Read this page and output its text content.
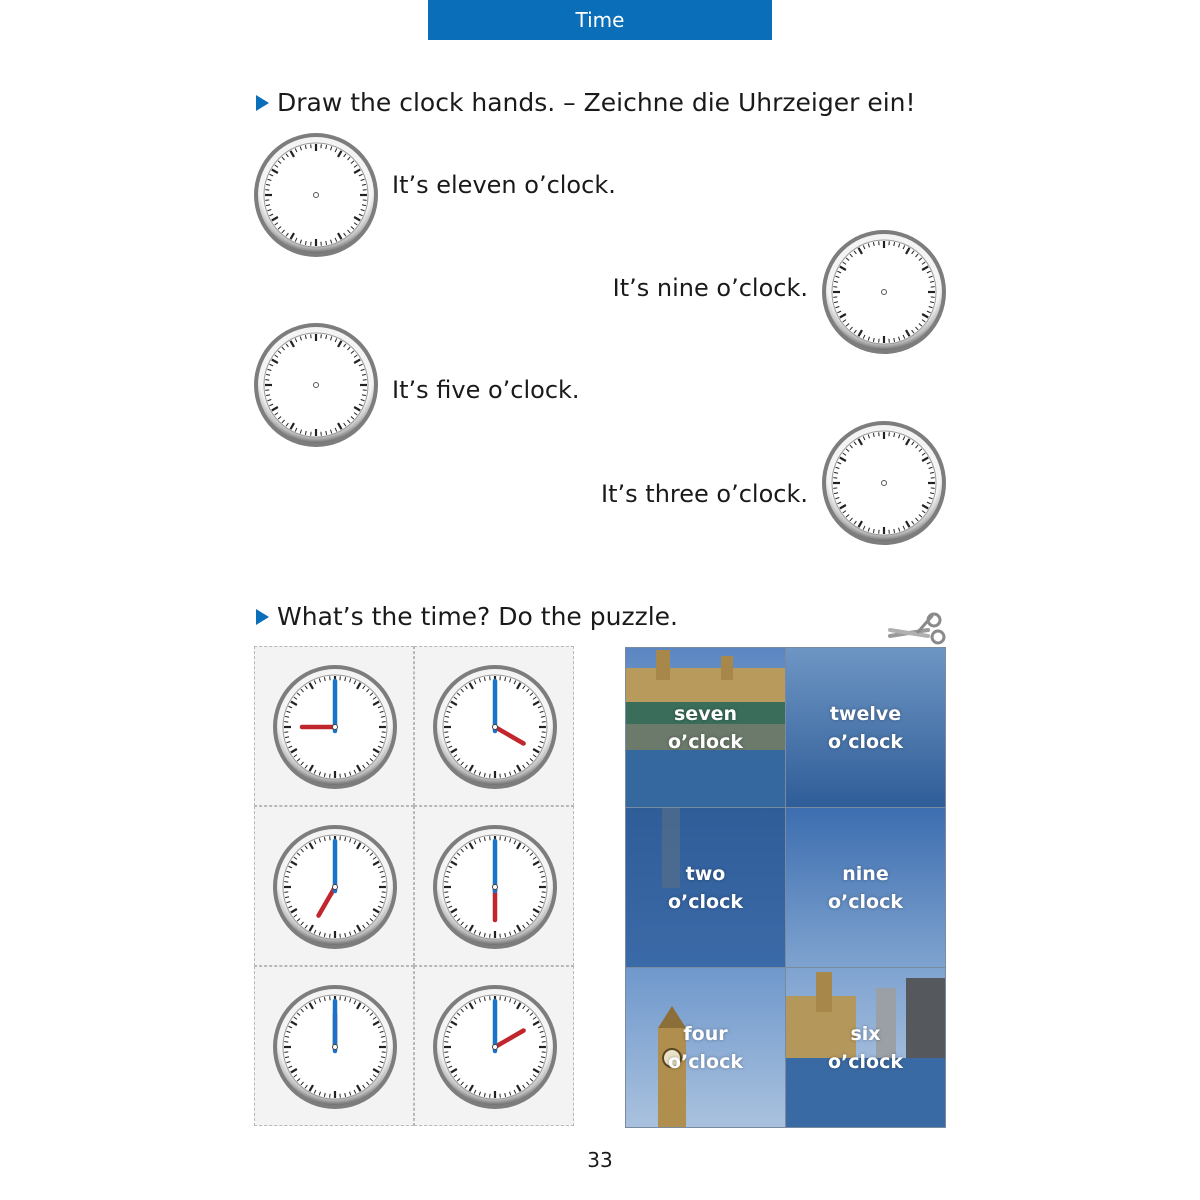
Time
Draw the clock hands. – Zeichne die Uhrzeiger ein!
It’s eleven o’clock.
It’s nine o’clock.
It’s five o’clock.
It’s three o’clock.
What’s the time? Do the puzzle.
seven
o’clock
twelve
o’clock
two
o’clock
nine
o’clock
four
o’clock
six
o’clock
33
